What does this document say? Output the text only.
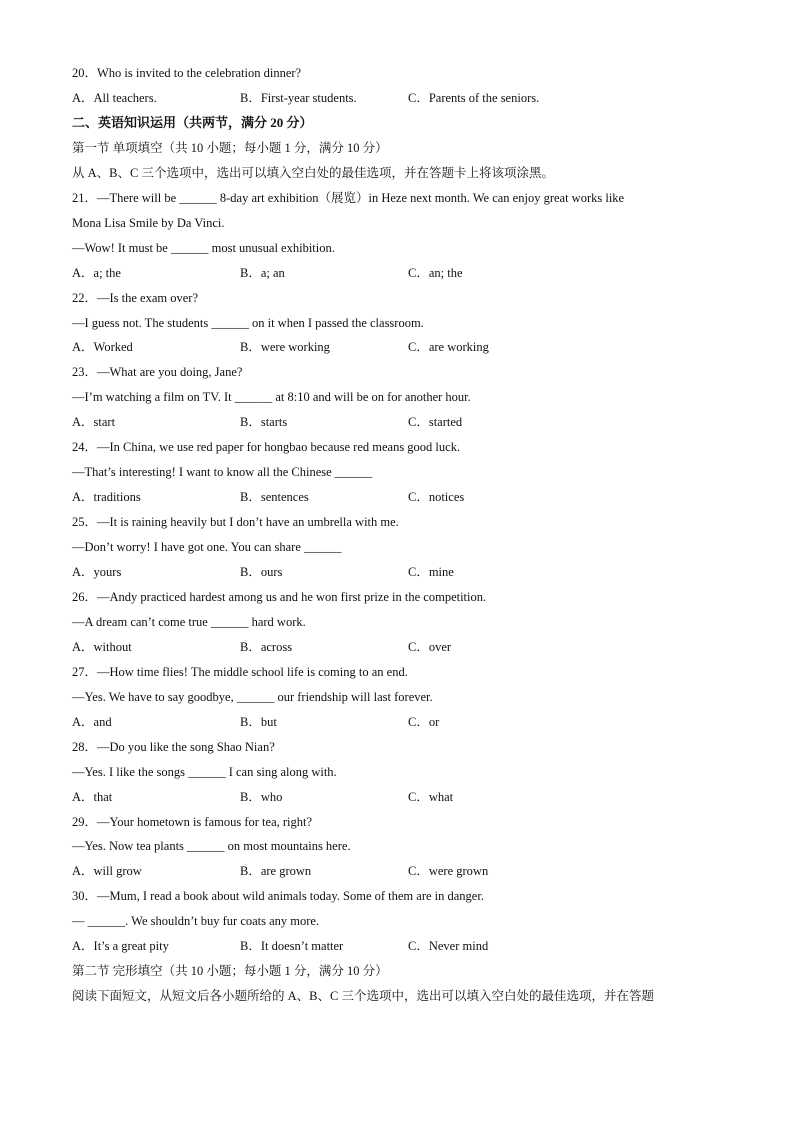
20．Who is invited to the celebration dinner?
A．All teachers.	B．First-year students.	C．Parents of the seniors.
二、英语知识运用（共两节，满分 20 分）
第一节 单项填空（共 10 小题；每小题 1 分，满分 10 分）
从 A、B、C 三个选项中，选出可以填入空白处的最佳选项，并在答题卡上将该项涂黑。
21．—There will be ______ 8-day art exhibition（展览）in Heze next month. We can enjoy great works like
Mona Lisa Smile by Da Vinci.
—Wow! It must be ______ most unusual exhibition.
A．a; the	B．a; an	C．an; the
22．—Is the exam over?
—I guess not. The students ______ on it when I passed the classroom.
A．Worked	B．were working	C．are working
23．—What are you doing, Jane?
—I’m watching a film on TV. It ______ at 8:10 and will be on for another hour.
A．start	B．starts	C．started
24．—In China, we use red paper for hongbao because red means good luck.
—That’s interesting! I want to know all the Chinese ______
A．traditions	B．sentences	C．notices
25．—It is raining heavily but I don’t have an umbrella with me.
—Don’t worry! I have got one. You can share ______
A．yours	B．ours	C．mine
26．—Andy practiced hardest among us and he won first prize in the competition.
—A dream can’t come true ______ hard work.
A．without	B．across	C．over
27．—How time flies! The middle school life is coming to an end.
—Yes. We have to say goodbye, ______ our friendship will last forever.
A．and	B．but	C．or
28．—Do you like the song Shao Nian?
—Yes. I like the songs ______ I can sing along with.
A．that	B．who	C．what
29．—Your hometown is famous for tea, right?
—Yes. Now tea plants ______ on most mountains here.
A．will grow	B．are grown	C．were grown
30．—Mum, I read a book about wild animals today. Some of them are in danger.
— ______. We shouldn’t buy fur coats any more.
A．It’s a great pity	B．It doesn’t matter	C．Never mind
第二节 完形填空（共 10 小题；每小题 1 分，满分 10 分）
阅读下面短文，从短文后各小题所给的 A、B、C 三个选项中，选出可以填入空白处的最佳选项，并在答题
